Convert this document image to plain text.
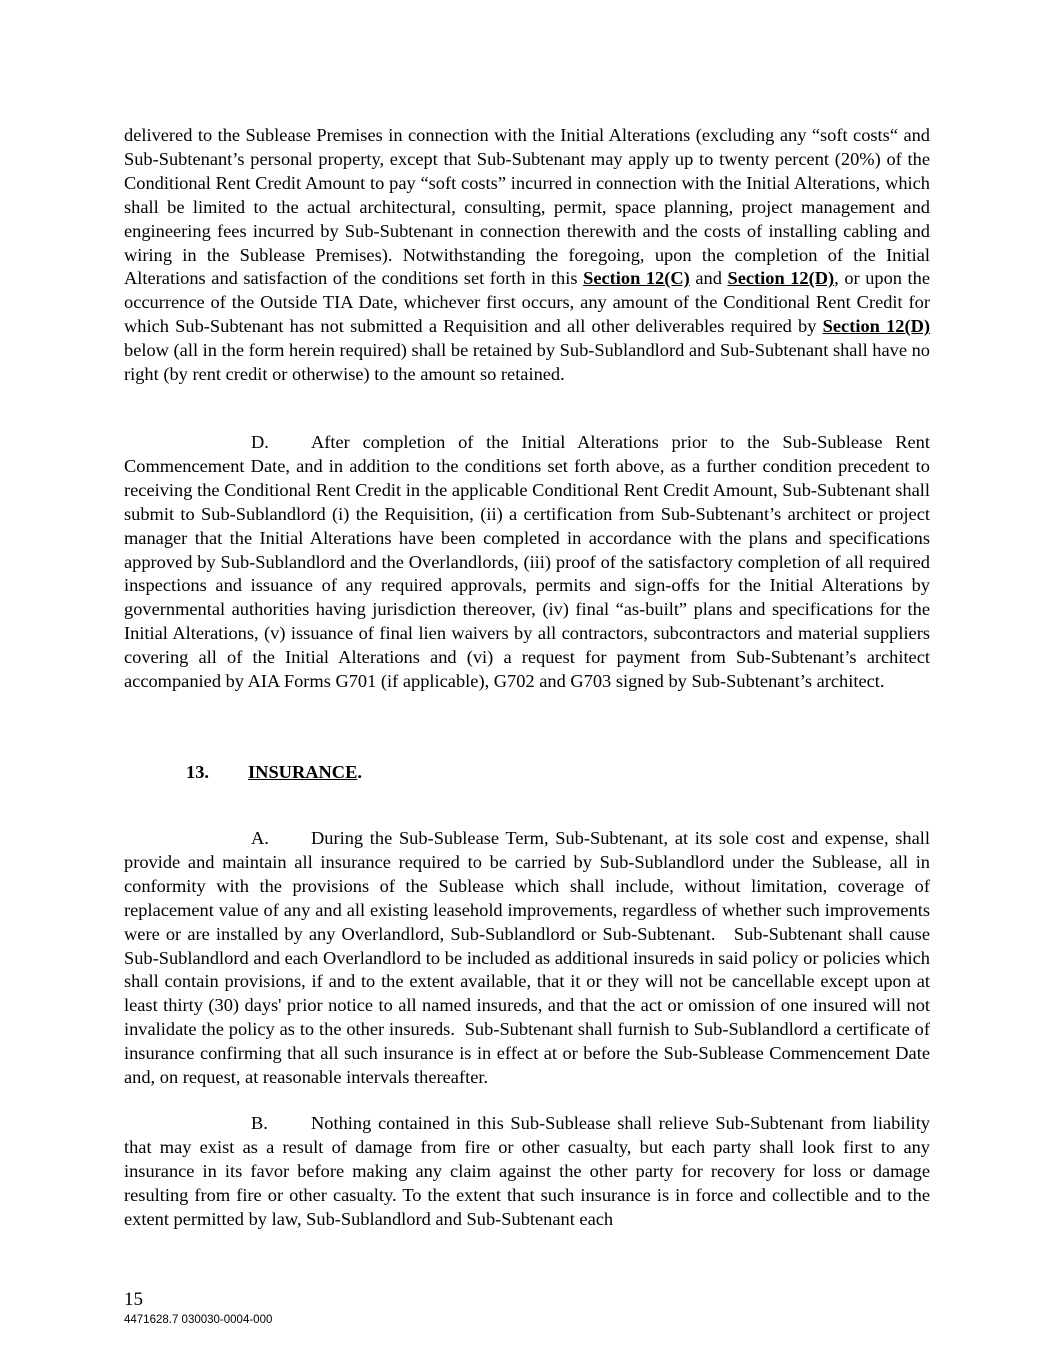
delivered to the Sublease Premises in connection with the Initial Alterations (excluding any “soft costs“ and Sub-Subtenant’s personal property, except that Sub-Subtenant may apply up to twenty percent (20%) of the Conditional Rent Credit Amount to pay “soft costs” incurred in connection with the Initial Alterations, which shall be limited to the actual architectural, consulting, permit, space planning, project management and engineering fees incurred by Sub-Subtenant in connection therewith and the costs of installing cabling and wiring in the Sublease Premises). Notwithstanding the foregoing, upon the completion of the Initial Alterations and satisfaction of the conditions set forth in this Section 12(C) and Section 12(D), or upon the occurrence of the Outside TIA Date, whichever first occurs, any amount of the Conditional Rent Credit for which Sub-Subtenant has not submitted a Requisition and all other deliverables required by Section 12(D) below (all in the form herein required) shall be retained by Sub-Sublandlord and Sub-Subtenant shall have no right (by rent credit or otherwise) to the amount so retained.

D. After completion of the Initial Alterations prior to the Sub-Sublease Rent Commencement Date, and in addition to the conditions set forth above, as a further condition precedent to receiving the Conditional Rent Credit in the applicable Conditional Rent Credit Amount, Sub-Subtenant shall submit to Sub-Sublandlord (i) the Requisition, (ii) a certification from Sub-Subtenant’s architect or project manager that the Initial Alterations have been completed in accordance with the plans and specifications approved by Sub-Sublandlord and the Overlandlords, (iii) proof of the satisfactory completion of all required inspections and issuance of any required approvals, permits and sign-offs for the Initial Alterations by governmental authorities having jurisdiction thereover, (iv) final “as-built” plans and specifications for the Initial Alterations, (v) issuance of final lien waivers by all contractors, subcontractors and material suppliers covering all of the Initial Alterations and (vi) a request for payment from Sub-Subtenant’s architect accompanied by AIA Forms G701 (if applicable), G702 and G703 signed by Sub-Subtenant’s architect.

13. INSURANCE.

A. During the Sub-Sublease Term, Sub-Subtenant, at its sole cost and expense, shall provide and maintain all insurance required to be carried by Sub-Sublandlord under the Sublease, all in conformity with the provisions of the Sublease which shall include, without limitation, coverage of replacement value of any and all existing leasehold improvements, regardless of whether such improvements were or are installed by any Overlandlord, Sub-Sublandlord or Sub-Subtenant.   Sub-Subtenant shall cause Sub-Sublandlord and each Overlandlord to be included as additional insureds in said policy or policies which shall contain provisions, if and to the extent available, that it or they will not be cancellable except upon at least thirty (30) days' prior notice to all named insureds, and that the act or omission of one insured will not invalidate the policy as to the other insureds.  Sub-Subtenant shall furnish to Sub-Sublandlord a certificate of insurance confirming that all such insurance is in effect at or before the Sub-Sublease Commencement Date and, on request, at reasonable intervals thereafter.

B. Nothing contained in this Sub-Sublease shall relieve Sub-Subtenant from liability that may exist as a result of damage from fire or other casualty, but each party shall look first to any insurance in its favor before making any claim against the other party for recovery for loss or damage resulting from fire or other casualty. To the extent that such insurance is in force and collectible and to the extent permitted by law, Sub-Sublandlord and Sub-Subtenant each

15
4471628.7 030030-0004-000
